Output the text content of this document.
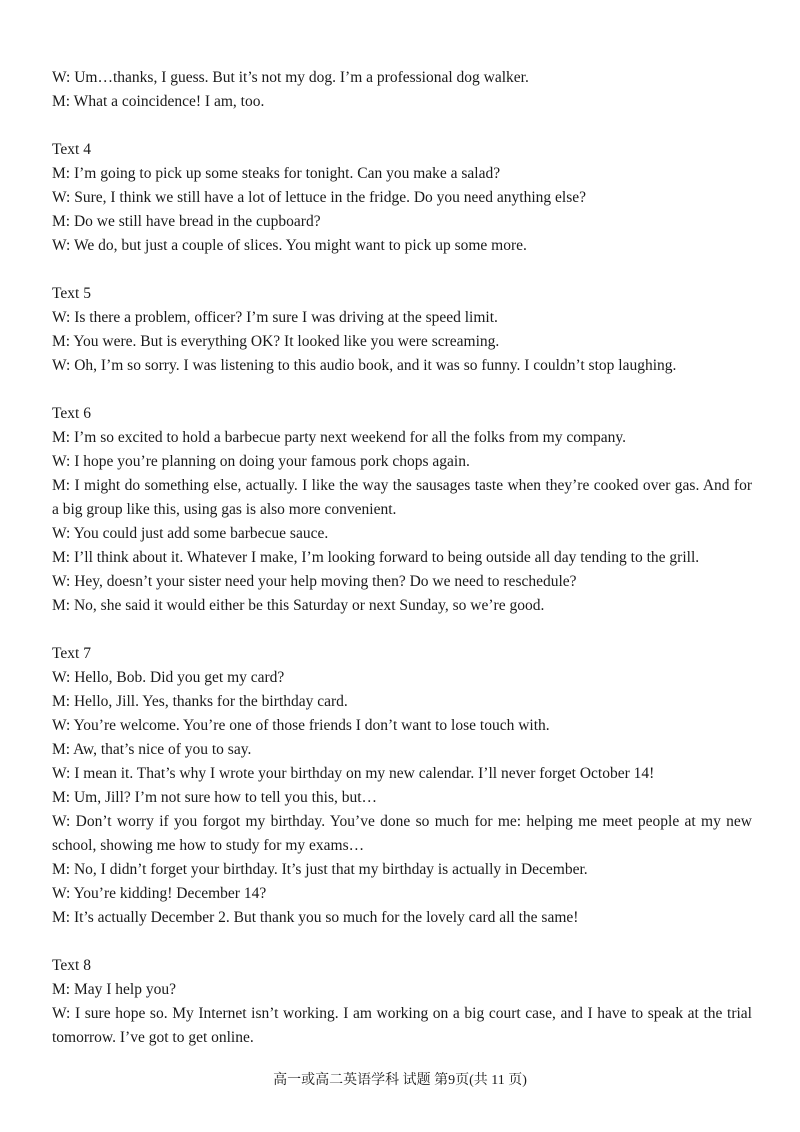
W: Um…thanks, I guess. But it’s not my dog. I’m a professional dog walker.
M: What a coincidence! I am, too.
Text 4
M: I’m going to pick up some steaks for tonight. Can you make a salad?
W: Sure, I think we still have a lot of lettuce in the fridge. Do you need anything else?
M: Do we still have bread in the cupboard?
W: We do, but just a couple of slices. You might want to pick up some more.
Text 5
W: Is there a problem, officer? I’m sure I was driving at the speed limit.
M: You were. But is everything OK? It looked like you were screaming.
W: Oh, I’m so sorry. I was listening to this audio book, and it was so funny. I couldn’t stop laughing.
Text 6
M: I’m so excited to hold a barbecue party next weekend for all the folks from my company.
W: I hope you’re planning on doing your famous pork chops again.
M: I might do something else, actually. I like the way the sausages taste when they’re cooked over gas. And for a big group like this, using gas is also more convenient.
W: You could just add some barbecue sauce.
M: I’ll think about it. Whatever I make, I’m looking forward to being outside all day tending to the grill.
W: Hey, doesn’t your sister need your help moving then? Do we need to reschedule?
M: No, she said it would either be this Saturday or next Sunday, so we’re good.
Text 7
W: Hello, Bob. Did you get my card?
M: Hello, Jill. Yes, thanks for the birthday card.
W: You’re welcome. You’re one of those friends I don’t want to lose touch with.
M: Aw, that’s nice of you to say.
W: I mean it. That’s why I wrote your birthday on my new calendar. I’ll never forget October 14!
M: Um, Jill? I’m not sure how to tell you this, but…
W: Don’t worry if you forgot my birthday. You’ve done so much for me: helping me meet people at my new school, showing me how to study for my exams…
M: No, I didn’t forget your birthday. It’s just that my birthday is actually in December.
W: You’re kidding! December 14?
M: It’s actually December 2. But thank you so much for the lovely card all the same!
Text 8
M: May I help you?
W: I sure hope so. My Internet isn’t working. I am working on a big court case, and I have to speak at the trial tomorrow. I’ve got to get online.
高一或高二英语学科 试题 第9页(共 11 页)
